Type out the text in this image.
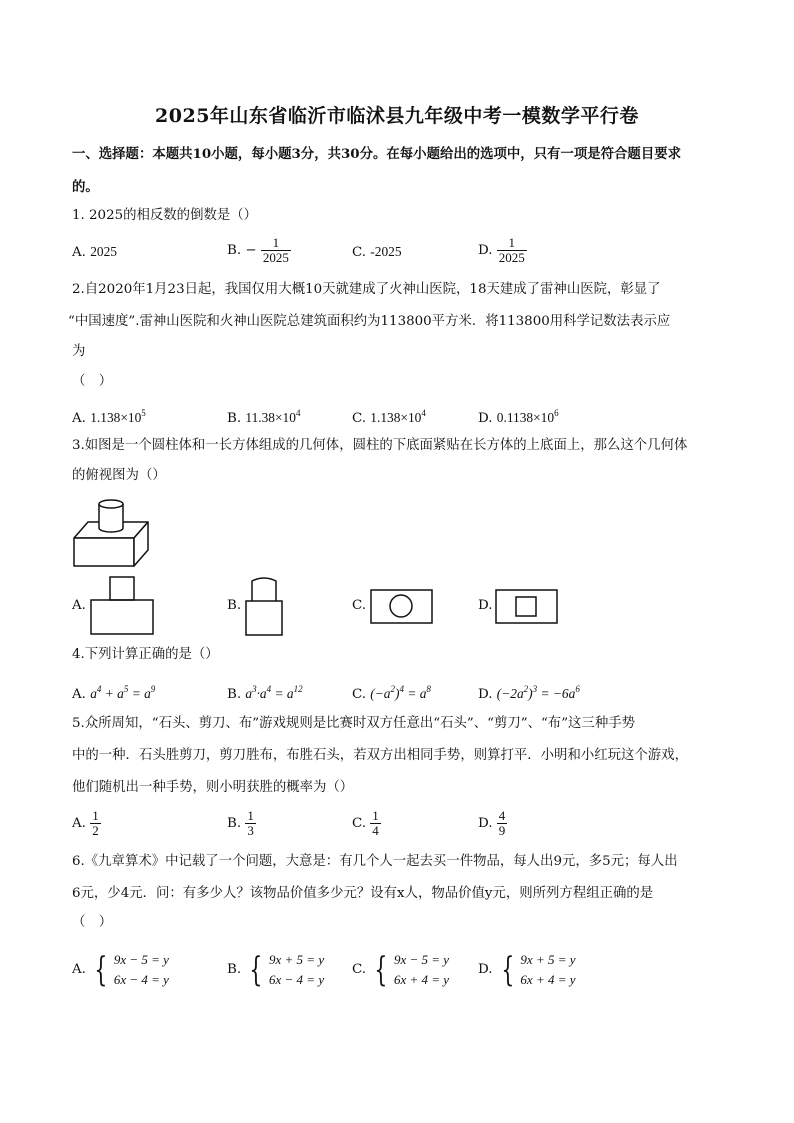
2025年山东省临沂市临沭县九年级中考一模数学平行卷
一、选择题：本题共10小题，每小题3分，共30分。在每小题给出的选项中，只有一项是符合题目要求
的。
1. 2025的相反数的倒数是（）
A. 2025	B. − $\frac{1}{2025}$	C. -2025	D. $\frac{1}{2025}$
2.自2020年1月23日起，我国仅用大概10天就建成了火神山医院，18天建成了雷神山医院，彰显了
“中国速度”.雷神山医院和火神山医院总建筑面积约为113800平方米．将113800用科学记数法表示应
为
（　）
A. $1.138\times 10^5$	B. $11.38\times 10^4$	C. $1.138\times 10^4$	D. $0.1138\times 10^6$
3.如图是一个圆柱体和一长方体组成的几何体，圆柱的下底面紧贴在长方体的上底面上，那么这个几何体
的俯视图为（）
A.	B.	C.	D.
4.下列计算正确的是（）
A. $a^4 + a^5 = a^9$	B. $a^3\cdot a^4 = a^{12}$	C. $(-a^2)^4 = a^8$	D. $(-2a^2)^3 = -6a^6$
5.众所周知，“石头、剪刀、布”游戏规则是比赛时双方任意出“石头”、“剪刀”、“布”这三种手势
中的一种．石头胜剪刀，剪刀胜布，布胜石头，若双方出相同手势，则算打平．小明和小红玩这个游戏，
他们随机出一种手势，则小明获胜的概率为（）
A. $\frac{1}{2}$	B. $\frac{1}{3}$	C. $\frac{1}{4}$	D. $\frac{4}{9}$
6.《九章算术》中记载了一个问题，大意是：有几个人一起去买一件物品，每人出9元，多5元；每人出
6元，少4元．问：有多少人？该物品价值多少元？设有x人，物品价值y元，则所列方程组正确的是
（　）
A. { 9x − 5 = y
6x − 4 = y
B. { 9x + 5 = y
6x − 4 = y
C. { 9x − 5 = y
6x + 4 = y
D. { 9x + 5 = y
6x + 4 = y
